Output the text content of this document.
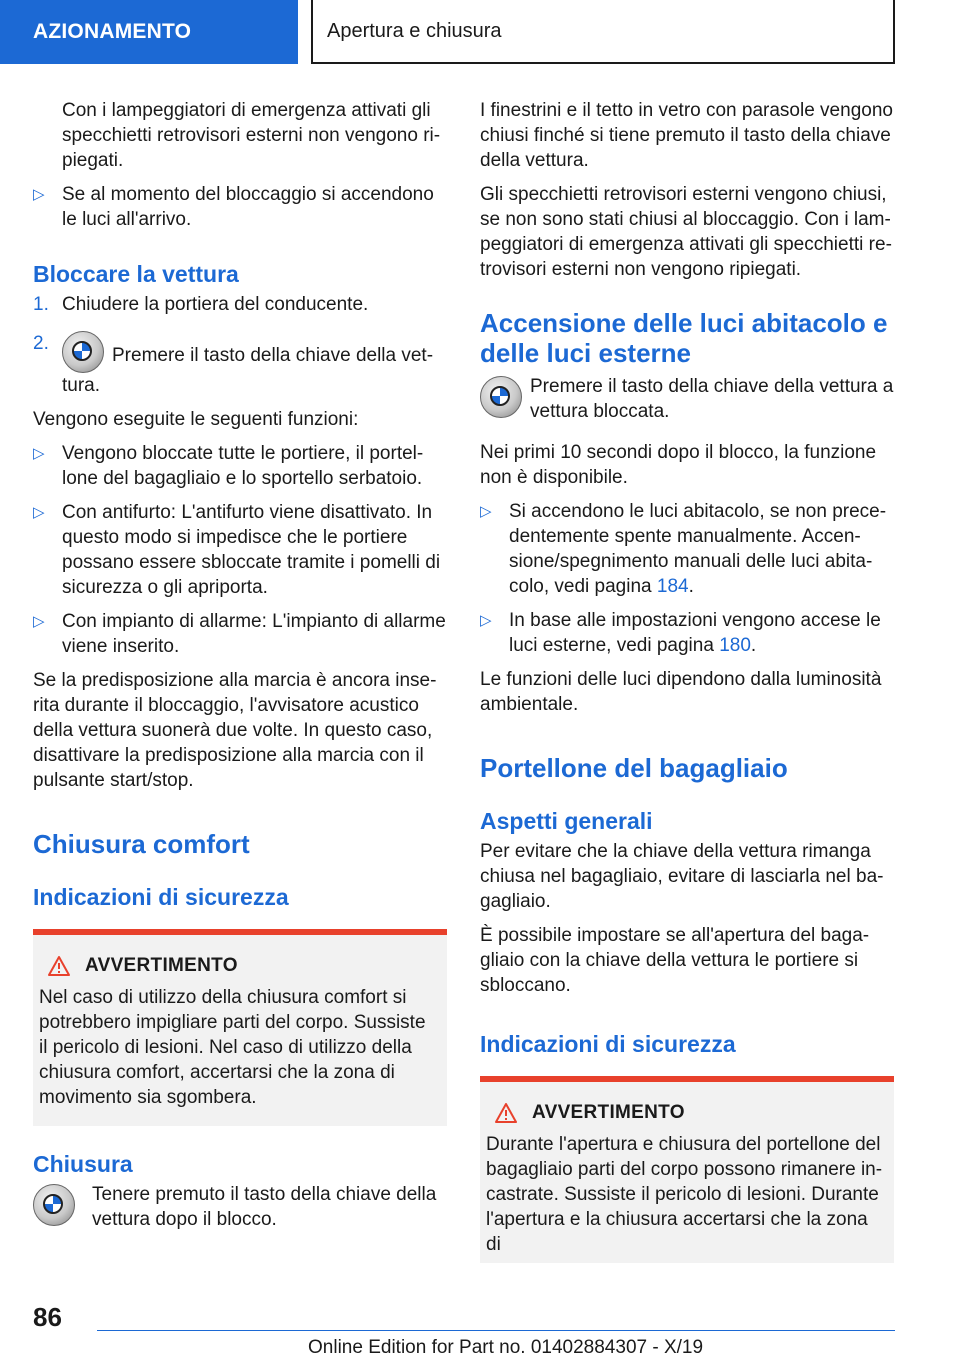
AZIONAMENTO	Apertura e chiusura

Con i lampeggiatori di emergenza attivati gli specchietti retrovisori esterni non vengono ripiegati.

▷ Se al momento del bloccaggio si accendono le luci all'arrivo.
Bloccare la vettura
1. Chiudere la portiera del conducente.
2.
Premere il tasto della chiave della vettura.

Vengono eseguite le seguenti funzioni:

▷ Vengono bloccate tutte le portiere, il portellone del bagagliaio e lo sportello serbatoio.
▷ Con antifurto: L'antifurto viene disattivato. In questo modo si impedisce che le portiere possano essere sbloccate tramite i pomelli di sicurezza o gli apriporta.
▷ Con impianto di allarme: L'impianto di allarme viene inserito.

Se la predisposizione alla marcia è ancora inserita durante il bloccaggio, l'avvisatore acustico della vettura suonerà due volte. In questo caso, disattivare la predisposizione alla marcia con il pulsante start/stop.

Chiusura comfort
Indicazioni di sicurezza
AVVERTIMENTO

Nel caso di utilizzo della chiusura comfort si potrebbero impigliare parti del corpo. Sussiste il pericolo di lesioni. Nel caso di utilizzo della chiusura comfort, accertarsi che la zona di movimento sia sgombera.

Chiusura

Tenere premuto il tasto della chiave della vettura dopo il blocco.

I finestrini e il tetto in vetro con parasole vengono chiusi finché si tiene premuto il tasto della chiave della vettura.

Gli specchietti retrovisori esterni vengono chiusi, se non sono stati chiusi al bloccaggio. Con i lampeggiatori di emergenza attivati gli specchietti retrovisori esterni non vengono ripiegati.

Accensione delle luci abitacolo e delle luci esterne

Premere il tasto della chiave della vettura a vettura bloccata.

Nei primi 10 secondi dopo il blocco, la funzione non è disponibile.

▷ Si accendono le luci abitacolo, se non precedentemente spente manualmente. Accensione/spegnimento manuali delle luci abitacolo, vedi pagina 184.
▷ In base alle impostazioni vengono accese le luci esterne, vedi pagina 180.

Le funzioni delle luci dipendono dalla luminosità ambientale.

Portellone del bagagliaio
Aspetti generali

Per evitare che la chiave della vettura rimanga chiusa nel bagagliaio, evitare di lasciarla nel bagagliaio.

È possibile impostare se all'apertura del bagagliaio con la chiave della vettura le portiere si sbloccano.

Indicazioni di sicurezza
AVVERTIMENTO

Durante l'apertura e chiusura del portellone del bagagliaio parti del corpo possono rimanere incastrate. Sussiste il pericolo di lesioni. Durante l'apertura e la chiusura accertarsi che la zona di

86
Online Edition for Part no. 01402884307 - X/19
